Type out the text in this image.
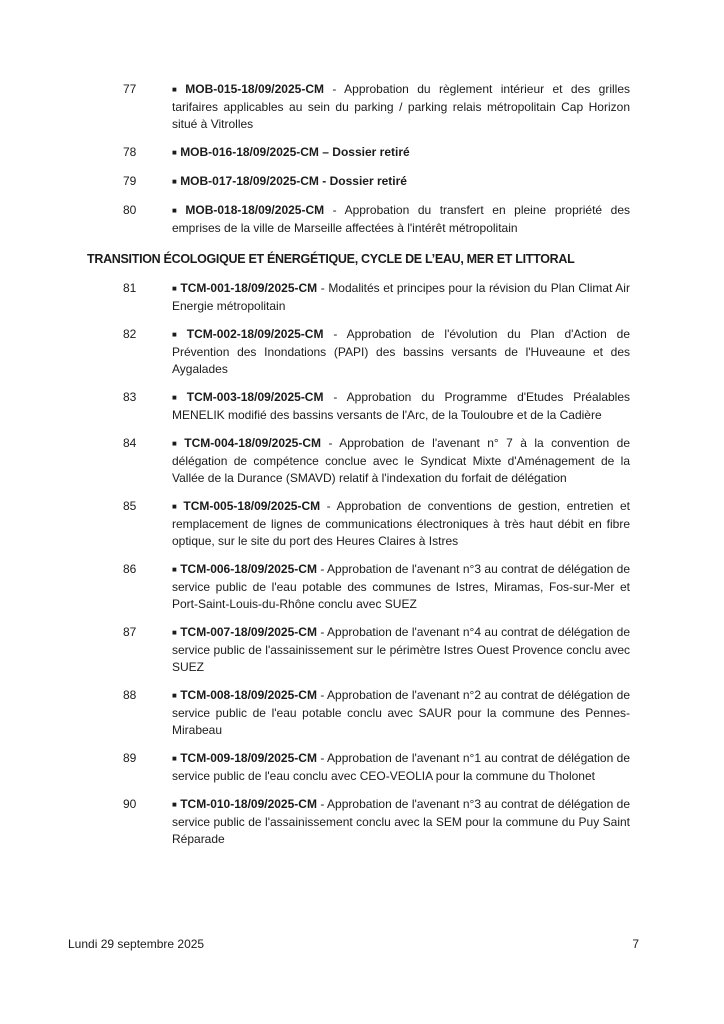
77	■ MOB-015-18/09/2025-CM - Approbation du règlement intérieur et des grilles tarifaires applicables au sein du parking / parking relais métropolitain Cap Horizon situé à Vitrolles
78	■ MOB-016-18/09/2025-CM – Dossier retiré
79	■ MOB-017-18/09/2025-CM - Dossier retiré
80	■ MOB-018-18/09/2025-CM - Approbation du transfert en pleine propriété des emprises de la ville de Marseille affectées à l'intérêt métropolitain
TRANSITION ÉCOLOGIQUE ET ÉNERGÉTIQUE, CYCLE DE L’EAU, MER ET LITTORAL
81	■ TCM-001-18/09/2025-CM - Modalités et principes pour la révision du Plan Climat Air Energie métropolitain
82	■ TCM-002-18/09/2025-CM - Approbation de l'évolution du Plan d'Action de Prévention des Inondations (PAPI) des bassins versants de l'Huveaune et des Aygalades
83	■ TCM-003-18/09/2025-CM - Approbation du Programme d'Etudes Préalables MENELIK modifié des bassins versants de l'Arc, de la Touloubre et de la Cadière
84	■ TCM-004-18/09/2025-CM - Approbation de l'avenant n° 7 à la convention de délégation de compétence conclue avec le Syndicat Mixte d'Aménagement de la Vallée de la Durance (SMAVD) relatif à l'indexation du forfait de délégation
85	■ TCM-005-18/09/2025-CM - Approbation de conventions de gestion, entretien et remplacement de lignes de communications électroniques à très haut débit en fibre optique, sur le site du port des Heures Claires à Istres
86	■ TCM-006-18/09/2025-CM - Approbation de l'avenant n°3 au contrat de délégation de service public de l'eau potable des communes de Istres, Miramas, Fos-sur-Mer et Port-Saint-Louis-du-Rhône conclu avec SUEZ
87	■ TCM-007-18/09/2025-CM - Approbation de l'avenant n°4 au contrat de délégation de service public de l'assainissement sur le périmètre Istres Ouest Provence conclu avec SUEZ
88	■ TCM-008-18/09/2025-CM - Approbation de l'avenant n°2 au contrat de délégation de service public de l'eau potable conclu avec SAUR pour la commune des Pennes-Mirabeau
89	■ TCM-009-18/09/2025-CM - Approbation de l'avenant n°1 au contrat de délégation de service public de l'eau conclu avec CEO-VEOLIA pour la commune du Tholonet
90	■ TCM-010-18/09/2025-CM - Approbation de l'avenant n°3 au contrat de délégation de service public de l'assainissement conclu avec la SEM pour la commune du Puy Saint Réparade
Lundi 29 septembre 2025	7
